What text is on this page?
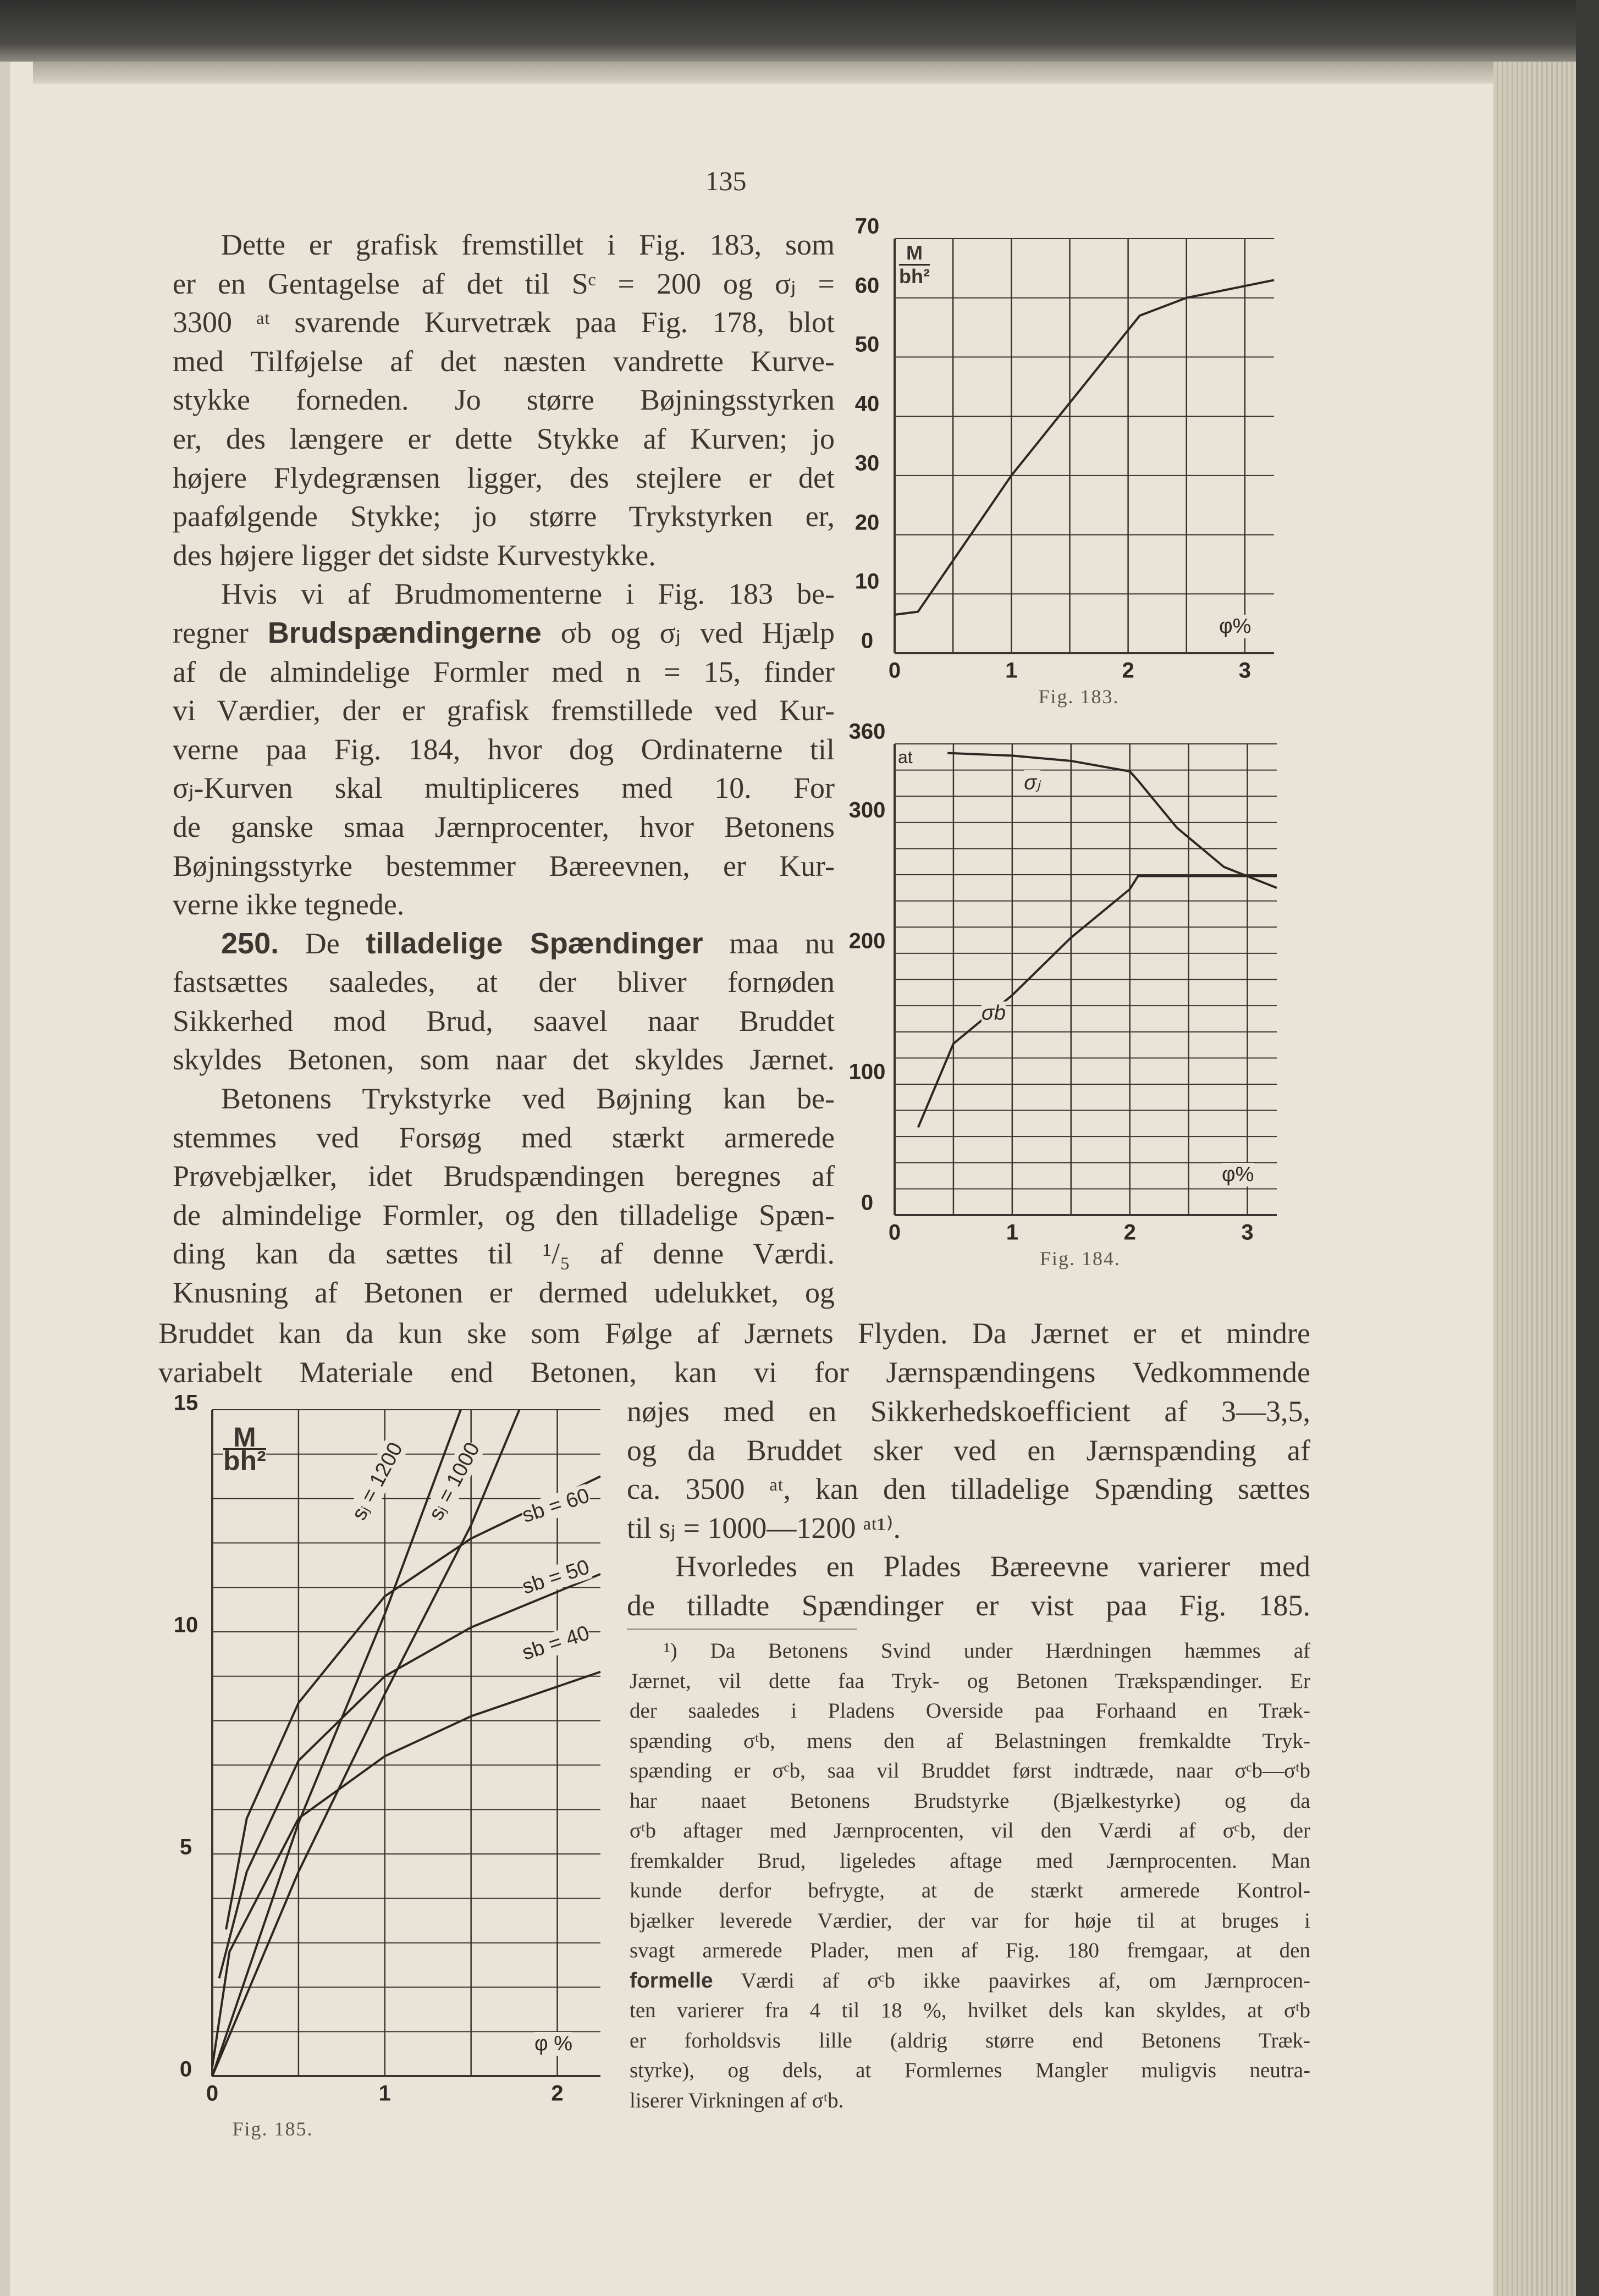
135
Dette er grafisk fremstillet i Fig. 183, som
er en Gentagelse af det til Sᶜ = 200 og σⱼ =
3300 ᵃᵗ svarende Kurvetræk paa Fig. 178, blot
med Tilføjelse af det næsten vandrette Kurve-
stykke forneden. Jo større Bøjningsstyrken
er, des længere er dette Stykke af Kurven; jo
højere Flydegrænsen ligger, des stejlere er det
paafølgende Stykke; jo større Trykstyrken er,
des højere ligger det sidste Kurvestykke.
Hvis vi af Brudmomenterne i Fig. 183 be-
regner Brudspændingerne σb og σⱼ ved Hjælp
af de almindelige Formler med n = 15, finder
vi Værdier, der er grafisk fremstillede ved Kur-
verne paa Fig. 184, hvor dog Ordinaterne til
σⱼ-Kurven skal multipliceres med 10. For
de ganske smaa Jærnprocenter, hvor Betonens
Bøjningsstyrke bestemmer Bæreevnen, er Kur-
verne ikke tegnede.
250. De tilladelige Spændinger maa nu
fastsættes saaledes, at der bliver fornøden
Sikkerhed mod Brud, saavel naar Bruddet
skyldes Betonen, som naar det skyldes Jærnet.
Betonens Trykstyrke ved Bøjning kan be-
stemmes ved Forsøg med stærkt armerede
Prøvebjælker, idet Brudspændingen beregnes af
de almindelige Formler, og den tilladelige Spæn-
ding kan da sættes til ¹/₅ af denne Værdi.
Knusning af Betonen er dermed udelukket, og
Bruddet kan da kun ske som Følge af Jærnets Flyden. Da Jærnet er et mindre
variabelt Materiale end Betonen, kan vi for Jærnspændingens Vedkommende
nøjes med en Sikkerhedskoefficient af 3—3,5,
og da Bruddet sker ved en Jærnspænding af
ca. 3500 ᵃᵗ, kan den tilladelige Spænding sættes
til sⱼ = 1000—1200 ᵃᵗ¹⁾.
Hvorledes en Plades Bæreevne varierer med
de tilladte Spændinger er vist paa Fig. 185.
¹) Da Betonens Svind under Hærdningen hæmmes af
Jærnet, vil dette faa Tryk- og Betonen Trækspændinger. Er
der saaledes i Pladens Overside paa Forhaand en Træk-
spænding σᵗb, mens den af Belastningen fremkaldte Tryk-
spænding er σᶜb, saa vil Bruddet først indtræde, naar σᶜb—σᵗb
har naaet Betonens Brudstyrke (Bjælkestyrke) og da
σᵗb aftager med Jærnprocenten, vil den Værdi af σᶜb, der
fremkalder Brud, ligeledes aftage med Jærnprocenten. Man
kunde derfor befrygte, at de stærkt armerede Kontrol-
bjælker leverede Værdier, der var for høje til at bruges i
svagt armerede Plader, men af Fig. 180 fremgaar, at den
formelle Værdi af σᶜb ikke paavirkes af, om Jærnprocen-
ten varierer fra 4 til 18 %, hvilket dels kan skyldes, at σᵗb
er forholdsvis lille (aldrig større end Betonens Træk-
styrke), og dels, at Formlernes Mangler muligvis neutra-
liserer Virkningen af σᵗb.
0	1	2	3
0
10
20
30
40
50
60
70
Fig. 183.
φ%
$\frac{M}{\text{bh²}}$
0	1	2	3
0
100
200
300
360
Fig. 184.
φ%
at
σⱼ
σb
0	1	2
0
5
10
15
Fig. 185.
φ %
$\frac{M}{\text{bh²}}$	sⱼ = 1200 sⱼ = 1000 sb = 60
sb = 50
sb = 40
